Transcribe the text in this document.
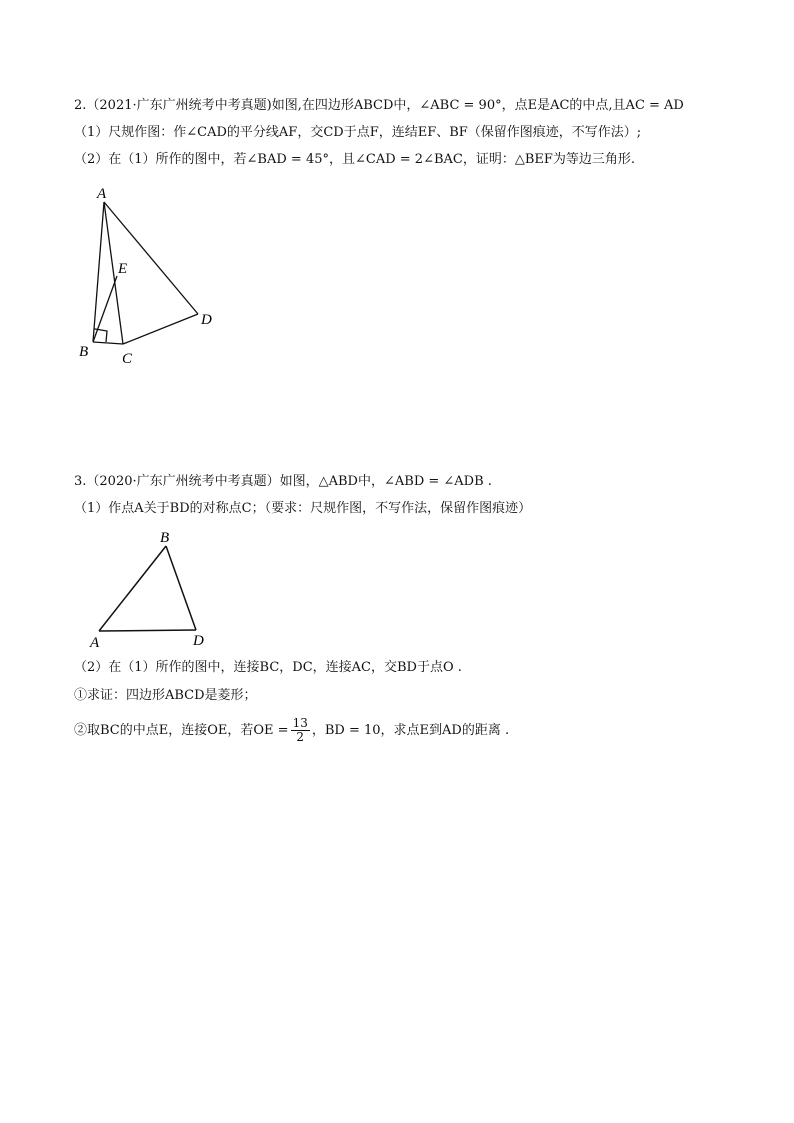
2.（2021·广东广州统考中考真题)如图,在四边形ABCD中，∠ABC = 90°，点E是AC的中点,且AC = AD
（1）尺规作图：作∠CAD的平分线AF，交CD于点F，连结EF、BF（保留作图痕迹，不写作法）;
（2）在（1）所作的图中，若∠BAD = 45°，且∠CAD = 2∠BAC，证明：△BEF为等边三角形.
A
E
D
B C
3.（2020·广东广州统考中考真题）如图，△ABD中，∠ABD = ∠ADB .
（1）作点A关于BD的对称点C；（要求：尺规作图，不写作法，保留作图痕迹）
B
A	D
（2）在（1）所作的图中，连接BC，DC，连接AC，交BD于点O .
①求证：四边形ABCD是菱形；
②取BC的中点E，连接OE，若OE = $\frac{13}{2}$ ，BD = 10，求点E到AD的距离 .
